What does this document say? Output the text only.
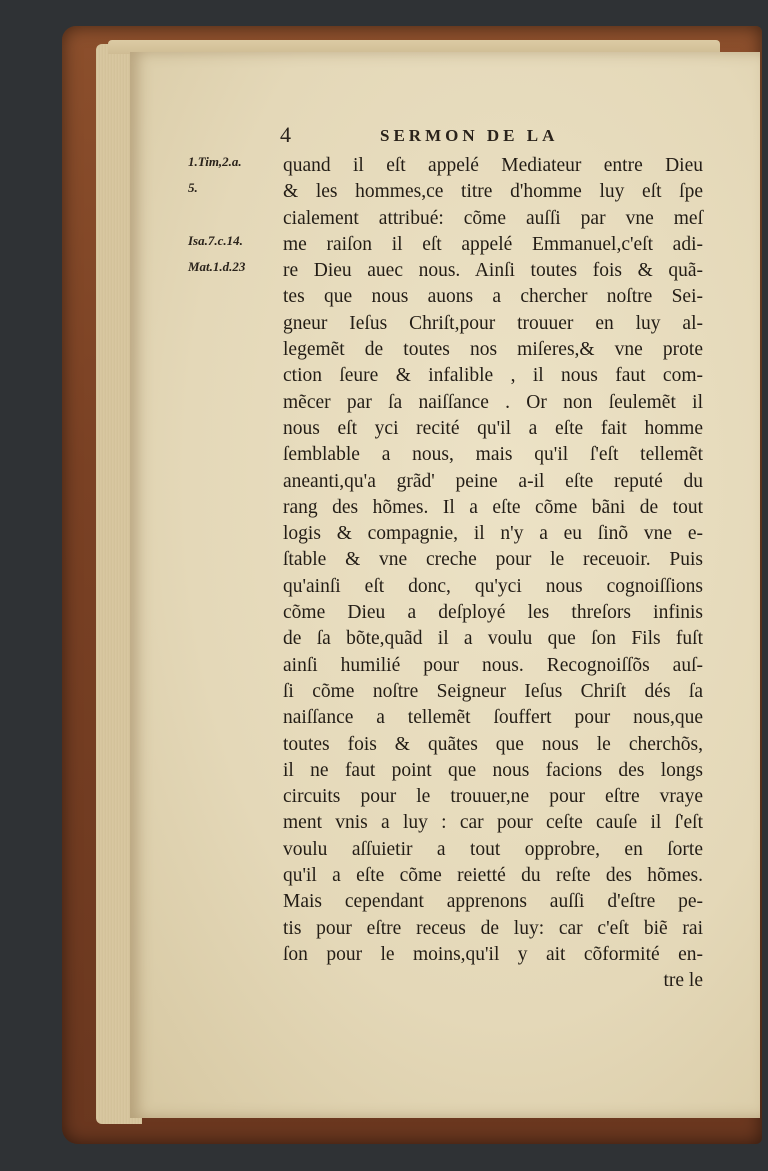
4	SERMON DE LA
1.Tim,2.a.
5.
Isa.7.c.14.
Mat.1.d.23
quand il eſt appelé Mediateur entre Dieu
& les hommes,ce titre d'homme luy eſt ſpe
cialement attribué: cõme auſſi par vne meſ
me raiſon il eſt appelé Emmanuel,c'eſt adi-
re Dieu auec nous. Ainſi toutes fois & quã-
tes que nous auons a chercher noſtre Sei-
gneur Ieſus Chriſt,pour trouuer en luy al-
legemẽt de toutes nos miſeres,& vne prote
ction ſeure & infalible , il nous faut com-
mẽcer par ſa naiſſance . Or non ſeulemẽt il
nous eſt yci recité qu'il a eſte fait homme
ſemblable a nous, mais qu'il ſ'eſt tellemẽt
aneanti,qu'a grãd' peine a-il eſte reputé du
rang des hõmes. Il a eſte cõme bãni de tout
logis & compagnie, il n'y a eu ſinõ vne e-
ſtable & vne creche pour le receuoir. Puis
qu'ainſi eſt donc, qu'yci nous cognoiſſions
cõme Dieu a deſployé les threſors infinis
de ſa bõte,quãd il a voulu que ſon Fils fuſt
ainſi humilié pour nous. Recognoiſſõs auſ-
ſi cõme noſtre Seigneur Ieſus Chriſt dés ſa
naiſſance a tellemẽt ſouffert pour nous,que
toutes fois & quãtes que nous le cherchõs,
il ne faut point que nous facions des longs
circuits pour le trouuer,ne pour eſtre vraye
ment vnis a luy : car pour ceſte cauſe il ſ'eſt
voulu aſſuietir a tout opprobre, en ſorte
qu'il a eſte cõme reietté du reſte des hõmes.
Mais cependant apprenons auſſi d'eſtre pe-
tis pour eſtre receus de luy: car c'eſt biẽ rai
ſon pour le moins,qu'il y ait cõformité en-
tre le
